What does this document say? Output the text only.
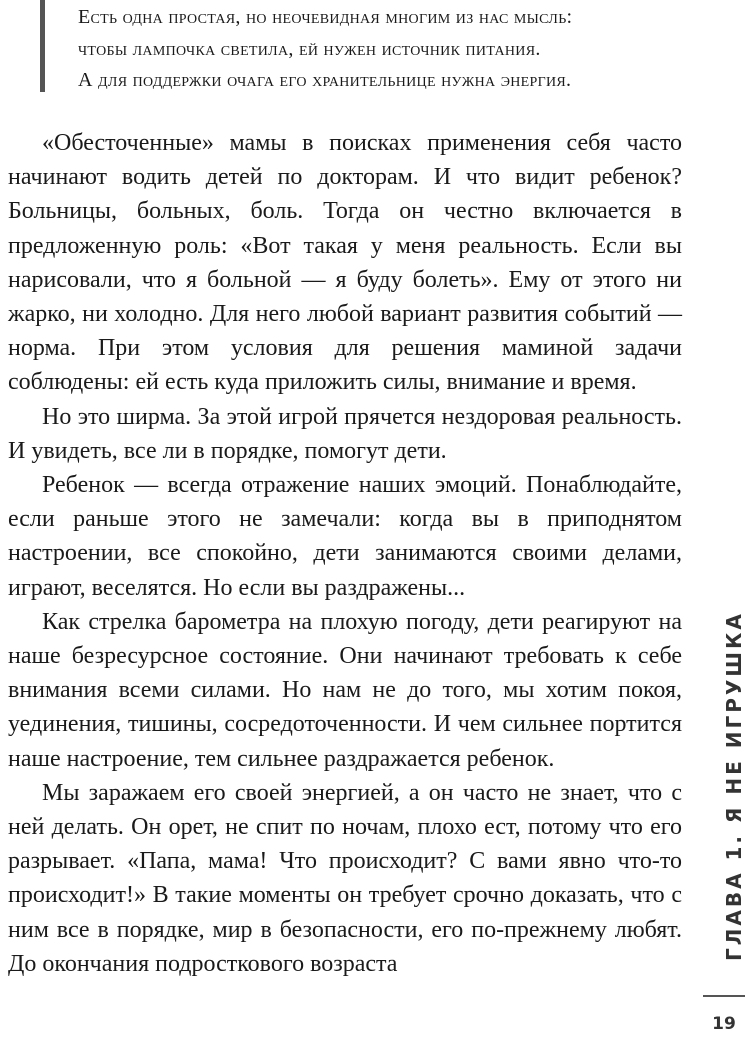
Есть одна простая, но неочевидная многим из нас мысль:
чтобы лампочка светила, ей нужен источник питания.
А для поддержки очага его хранительнице нужна энергия.

«Обесточенные» мамы в поисках применения себя часто начинают водить детей по докторам. И что видит ребенок? Больницы, больных, боль. Тогда он честно включается в предложенную роль: «Вот такая у меня реальность. Если вы нарисовали, что я больной — я буду болеть». Ему от этого ни жарко, ни холодно. Для него любой вариант развития событий — норма. При этом условия для решения маминой задачи соблюдены: ей есть куда приложить силы, внимание и время.

Но это ширма. За этой игрой прячется нездоровая реальность. И увидеть, все ли в порядке, помогут дети.

Ребенок — всегда отражение наших эмоций. Понаблюдайте, если раньше этого не замечали: когда вы в приподнятом настроении, все спокойно, дети занимаются своими делами, играют, веселятся. Но если вы раздражены...

Как стрелка барометра на плохую погоду, дети реагируют на наше безресурсное состояние. Они начинают требовать к себе внимания всеми силами. Но нам не до того, мы хотим покоя, уединения, тишины, сосредоточенности. И чем сильнее портится наше настроение, тем сильнее раздражается ребенок.

Мы заражаем его своей энергией, а он часто не знает, что с ней делать. Он орет, не спит по ночам, плохо ест, потому что его разрывает. «Папа, мама! Что происходит? С вами явно что-то происходит!» В такие моменты он требует срочно доказать, что с ним все в порядке, мир в безопасности, его по-прежнему любят. До окончания подросткового возраста

ГЛАВА 1. Я НЕ ИГРУШКА
19
